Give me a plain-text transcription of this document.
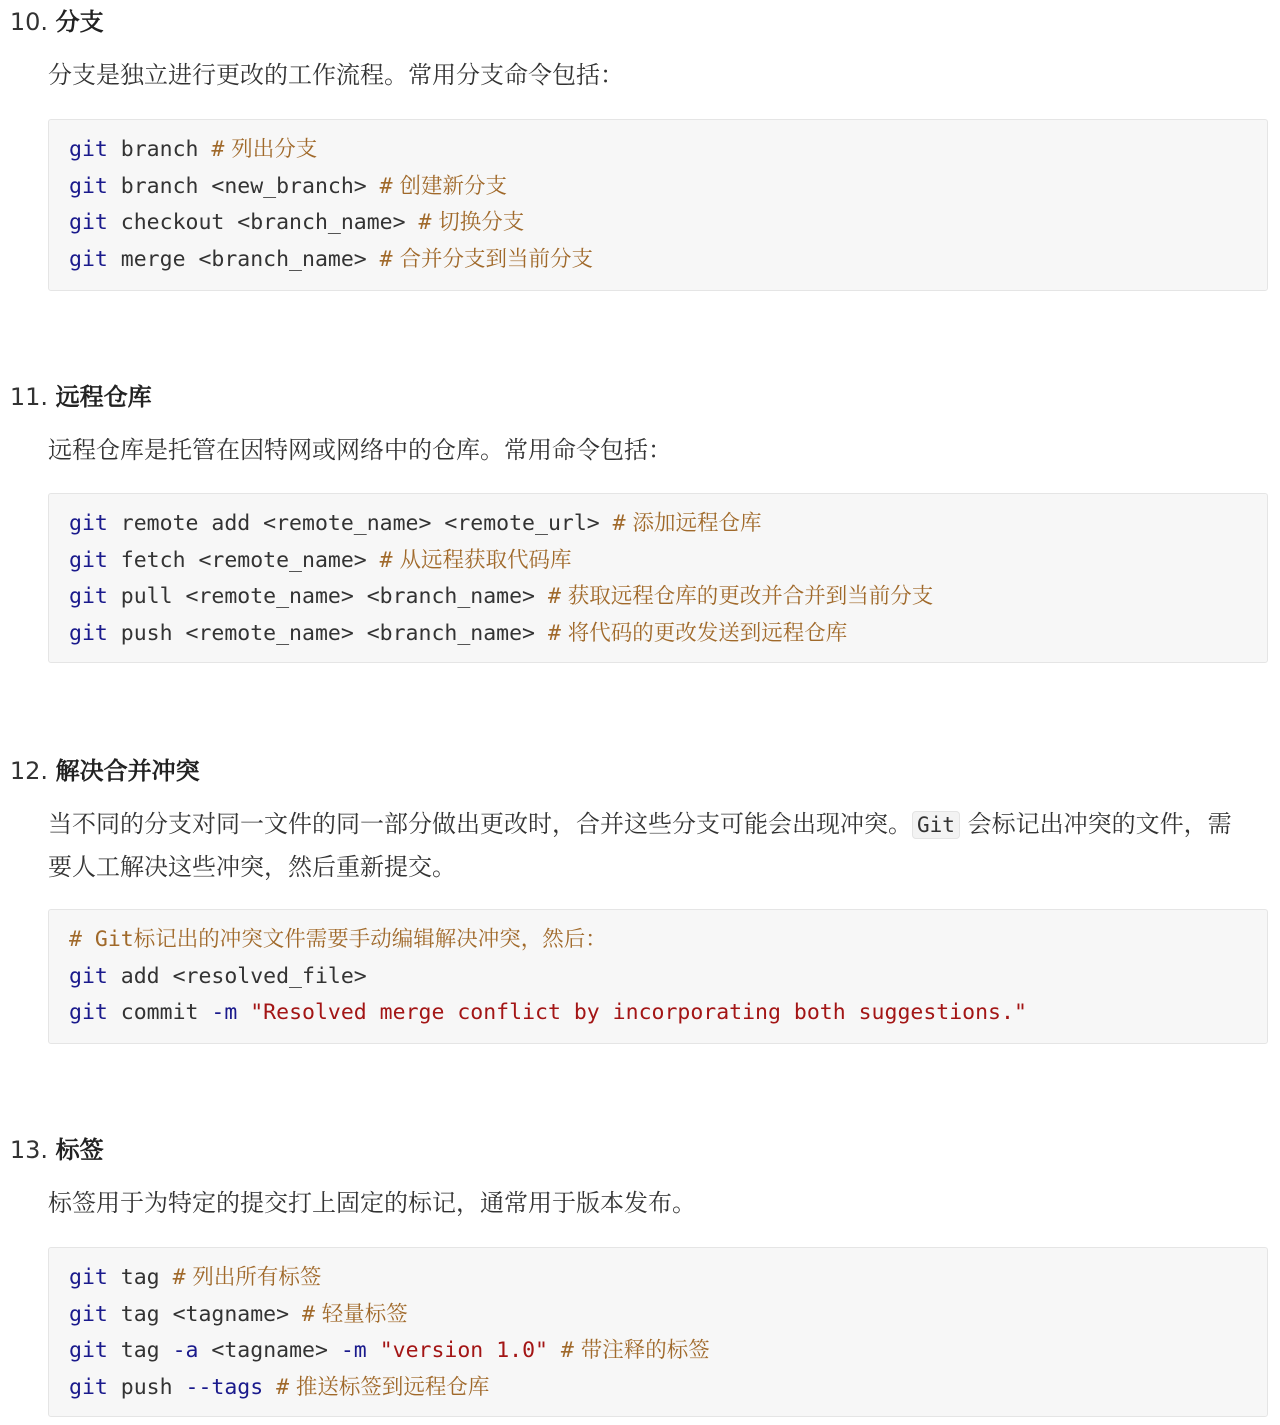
10. 分支
分支是独立进行更改的工作流程。常用分支命令包括：
git branch # 列出分支
git branch <new_branch> # 创建新分支
git checkout <branch_name> # 切换分支
git merge <branch_name> # 合并分支到当前分支
11. 远程仓库
远程仓库是托管在因特网或网络中的仓库。常用命令包括：
git remote add <remote_name> <remote_url> # 添加远程仓库
git fetch <remote_name> # 从远程获取代码库
git pull <remote_name> <branch_name> # 获取远程仓库的更改并合并到当前分支
git push <remote_name> <branch_name> # 将代码的更改发送到远程仓库
12. 解决合并冲突
当不同的分支对同一文件的同一部分做出更改时，合并这些分支可能会出现冲突。 Git 会标记出冲突的文件，需要人工解决这些冲突，然后重新提交。
# Git标记出的冲突文件需要手动编辑解决冲突，然后：
git add <resolved_file>
git commit -m "Resolved merge conflict by incorporating both suggestions."
13. 标签
标签用于为特定的提交打上固定的标记，通常用于版本发布。
git tag # 列出所有标签
git tag <tagname> # 轻量标签
git tag -a <tagname> -m "version 1.0" # 带注释的标签
git push --tags # 推送标签到远程仓库
